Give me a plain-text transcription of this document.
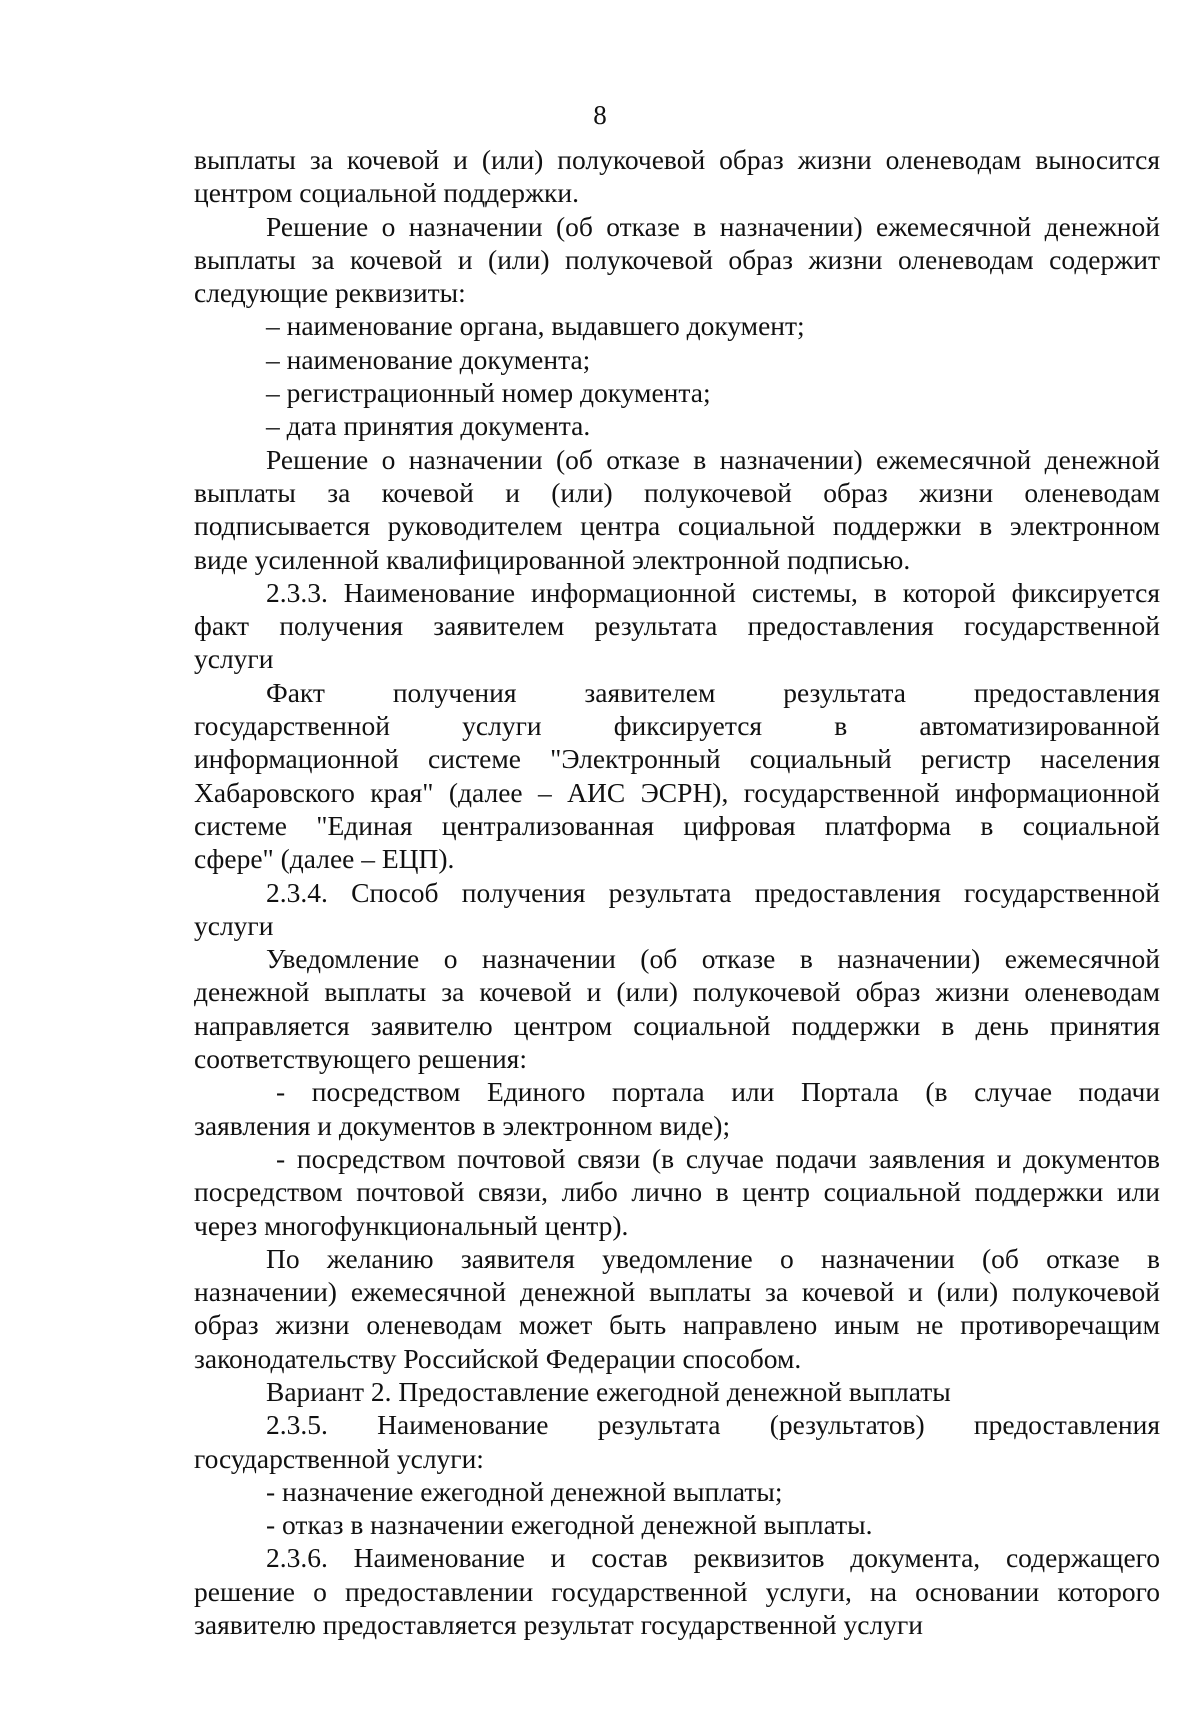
8

выплаты за кочевой и (или) полукочевой образ жизни оленеводам выносится

центром социальной поддержки.

Решение о назначении (об отказе в назначении) ежемесячной денежной

выплаты за кочевой и (или) полукочевой образ жизни оленеводам содержит

следующие реквизиты:

– наименование органа, выдавшего документ;

– наименование документа;

– регистрационный номер документа;

– дата принятия документа.

Решение о назначении (об отказе в назначении) ежемесячной денежной

выплаты за кочевой и (или) полукочевой образ жизни оленеводам

подписывается руководителем центра социальной поддержки в электронном

виде усиленной квалифицированной электронной подписью.

2.3.3. Наименование информационной системы, в которой фиксируется

факт получения заявителем результата предоставления государственной

услуги

Факт получения заявителем результата предоставления

государственной услуги фиксируется в автоматизированной

информационной системе "Электронный социальный регистр населения

Хабаровского края" (далее – АИС ЭСРН), государственной информационной

системе "Единая централизованная цифровая платформа в социальной

сфере" (далее – ЕЦП).

2.3.4. Способ получения результата предоставления государственной

услуги

Уведомление о назначении (об отказе в назначении) ежемесячной

денежной выплаты за кочевой и (или) полукочевой образ жизни оленеводам

направляется заявителю центром социальной поддержки в день принятия

соответствующего решения:

- посредством Единого портала или Портала (в случае подачи

заявления и документов в электронном виде);

- посредством почтовой связи (в случае подачи заявления и документов

посредством почтовой связи, либо лично в центр социальной поддержки или

через многофункциональный центр).

По желанию заявителя уведомление о назначении (об отказе в

назначении) ежемесячной денежной выплаты за кочевой и (или) полукочевой

образ жизни оленеводам может быть направлено иным не противоречащим

законодательству Российской Федерации способом.

Вариант 2. Предоставление ежегодной денежной выплаты

2.3.5. Наименование результата (результатов) предоставления

государственной услуги:

- назначение ежегодной денежной выплаты;

- отказ в назначении ежегодной денежной выплаты.

2.3.6. Наименование и состав реквизитов документа, содержащего

решение о предоставлении государственной услуги, на основании которого

заявителю предоставляется результат государственной услуги
